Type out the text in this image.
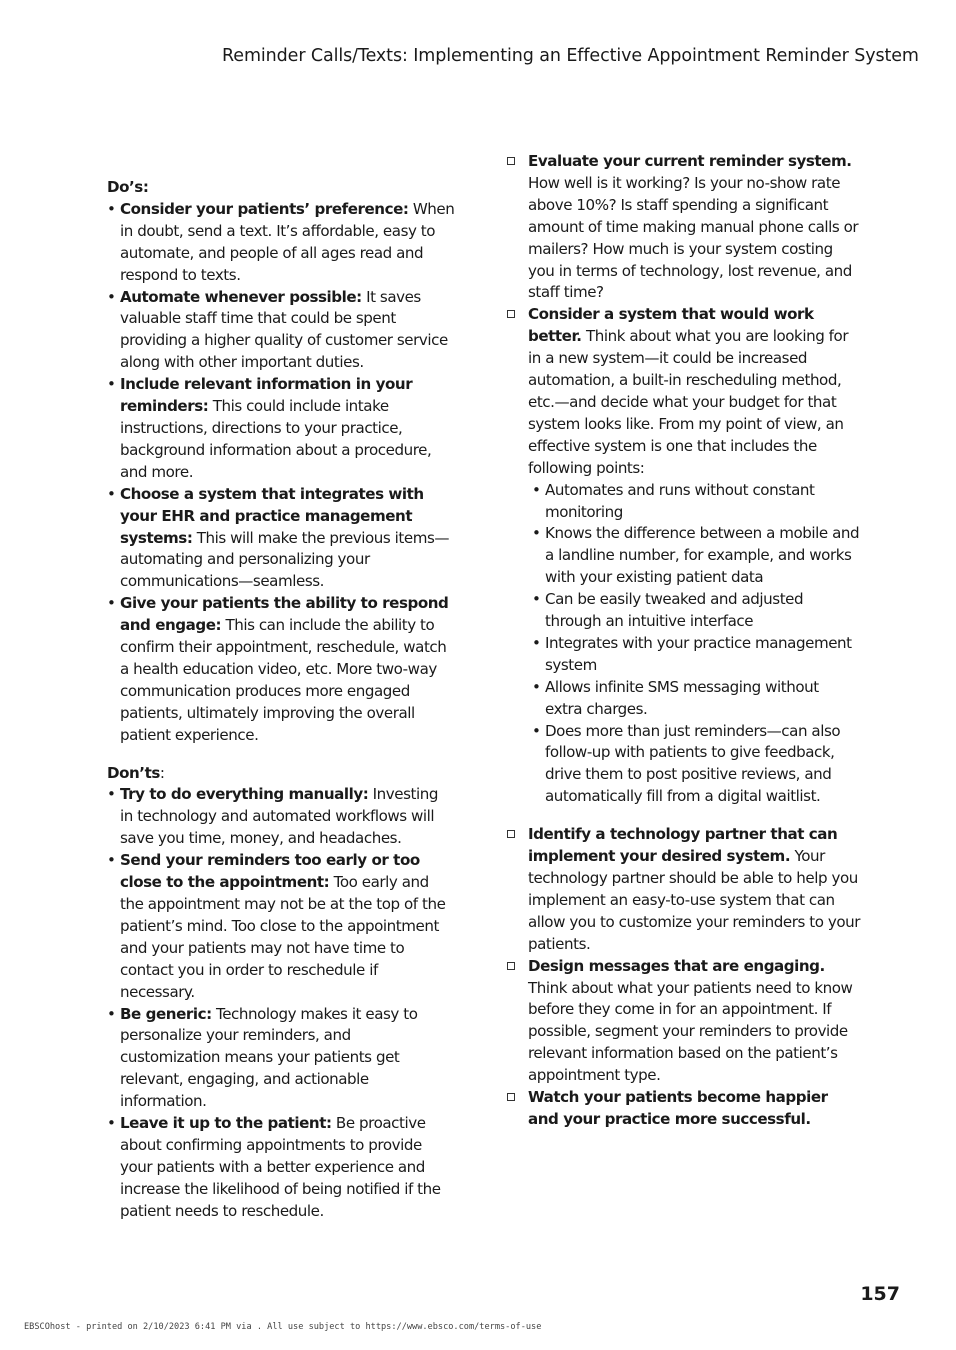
Reminder Calls/Texts: Implementing an Effective Appointment Reminder System
Do’s:
• Consider your patients’ preference: When in doubt, send a text. It’s affordable, easy to automate, and people of all ages read and respond to texts.
• Automate whenever possible: It saves valuable staff time that could be spent providing a higher quality of customer service along with other important duties.
• Include relevant information in your reminders: This could include intake instructions, directions to your practice, background information about a procedure, and more.
• Choose a system that integrates with your EHR and practice management systems: This will make the previous items—automating and personalizing your communications—seamless.
• Give your patients the ability to respond and engage: This can include the ability to confirm their appointment, reschedule, watch a health education video, etc. More two-way communication produces more engaged patients, ultimately improving the overall patient experience.
Don’ts:
• Try to do everything manually: Investing in technology and automated workflows will save you time, money, and headaches.
• Send your reminders too early or too close to the appointment: Too early and the appointment may not be at the top of the patient’s mind. Too close to the appointment and your patients may not have time to contact you in order to reschedule if necessary.
• Be generic: Technology makes it easy to personalize your reminders, and customization means your patients get relevant, engaging, and actionable information.
• Leave it up to the patient: Be proactive about confirming appointments to provide your patients with a better experience and increase the likelihood of being notified if the patient needs to reschedule.
Evaluate your current reminder system. How well is it working? Is your no-show rate above 10%? Is staff spending a significant amount of time making manual phone calls or mailers? How much is your system costing you in terms of technology, lost revenue, and staff time?
Consider a system that would work better. Think about what you are looking for in a new system—it could be increased automation, a built-in rescheduling method, etc.—and decide what your budget for that system looks like. From my point of view, an effective system is one that includes the following points:
• Automates and runs without constant monitoring
• Knows the difference between a mobile and a landline number, for example, and works with your existing patient data
• Can be easily tweaked and adjusted through an intuitive interface
• Integrates with your practice management system
• Allows infinite SMS messaging without extra charges.
• Does more than just reminders—can also follow-up with patients to give feedback, drive them to post positive reviews, and automatically fill from a digital waitlist.
Identify a technology partner that can implement your desired system. Your technology partner should be able to help you implement an easy-to-use system that can allow you to customize your reminders to your patients.
Design messages that are engaging. Think about what your patients need to know before they come in for an appointment. If possible, segment your reminders to provide relevant information based on the patient’s appointment type.
Watch your patients become happier and your practice more successful.
157
EBSCOhost - printed on 2/10/2023 6:41 PM via . All use subject to https://www.ebsco.com/terms-of-use
